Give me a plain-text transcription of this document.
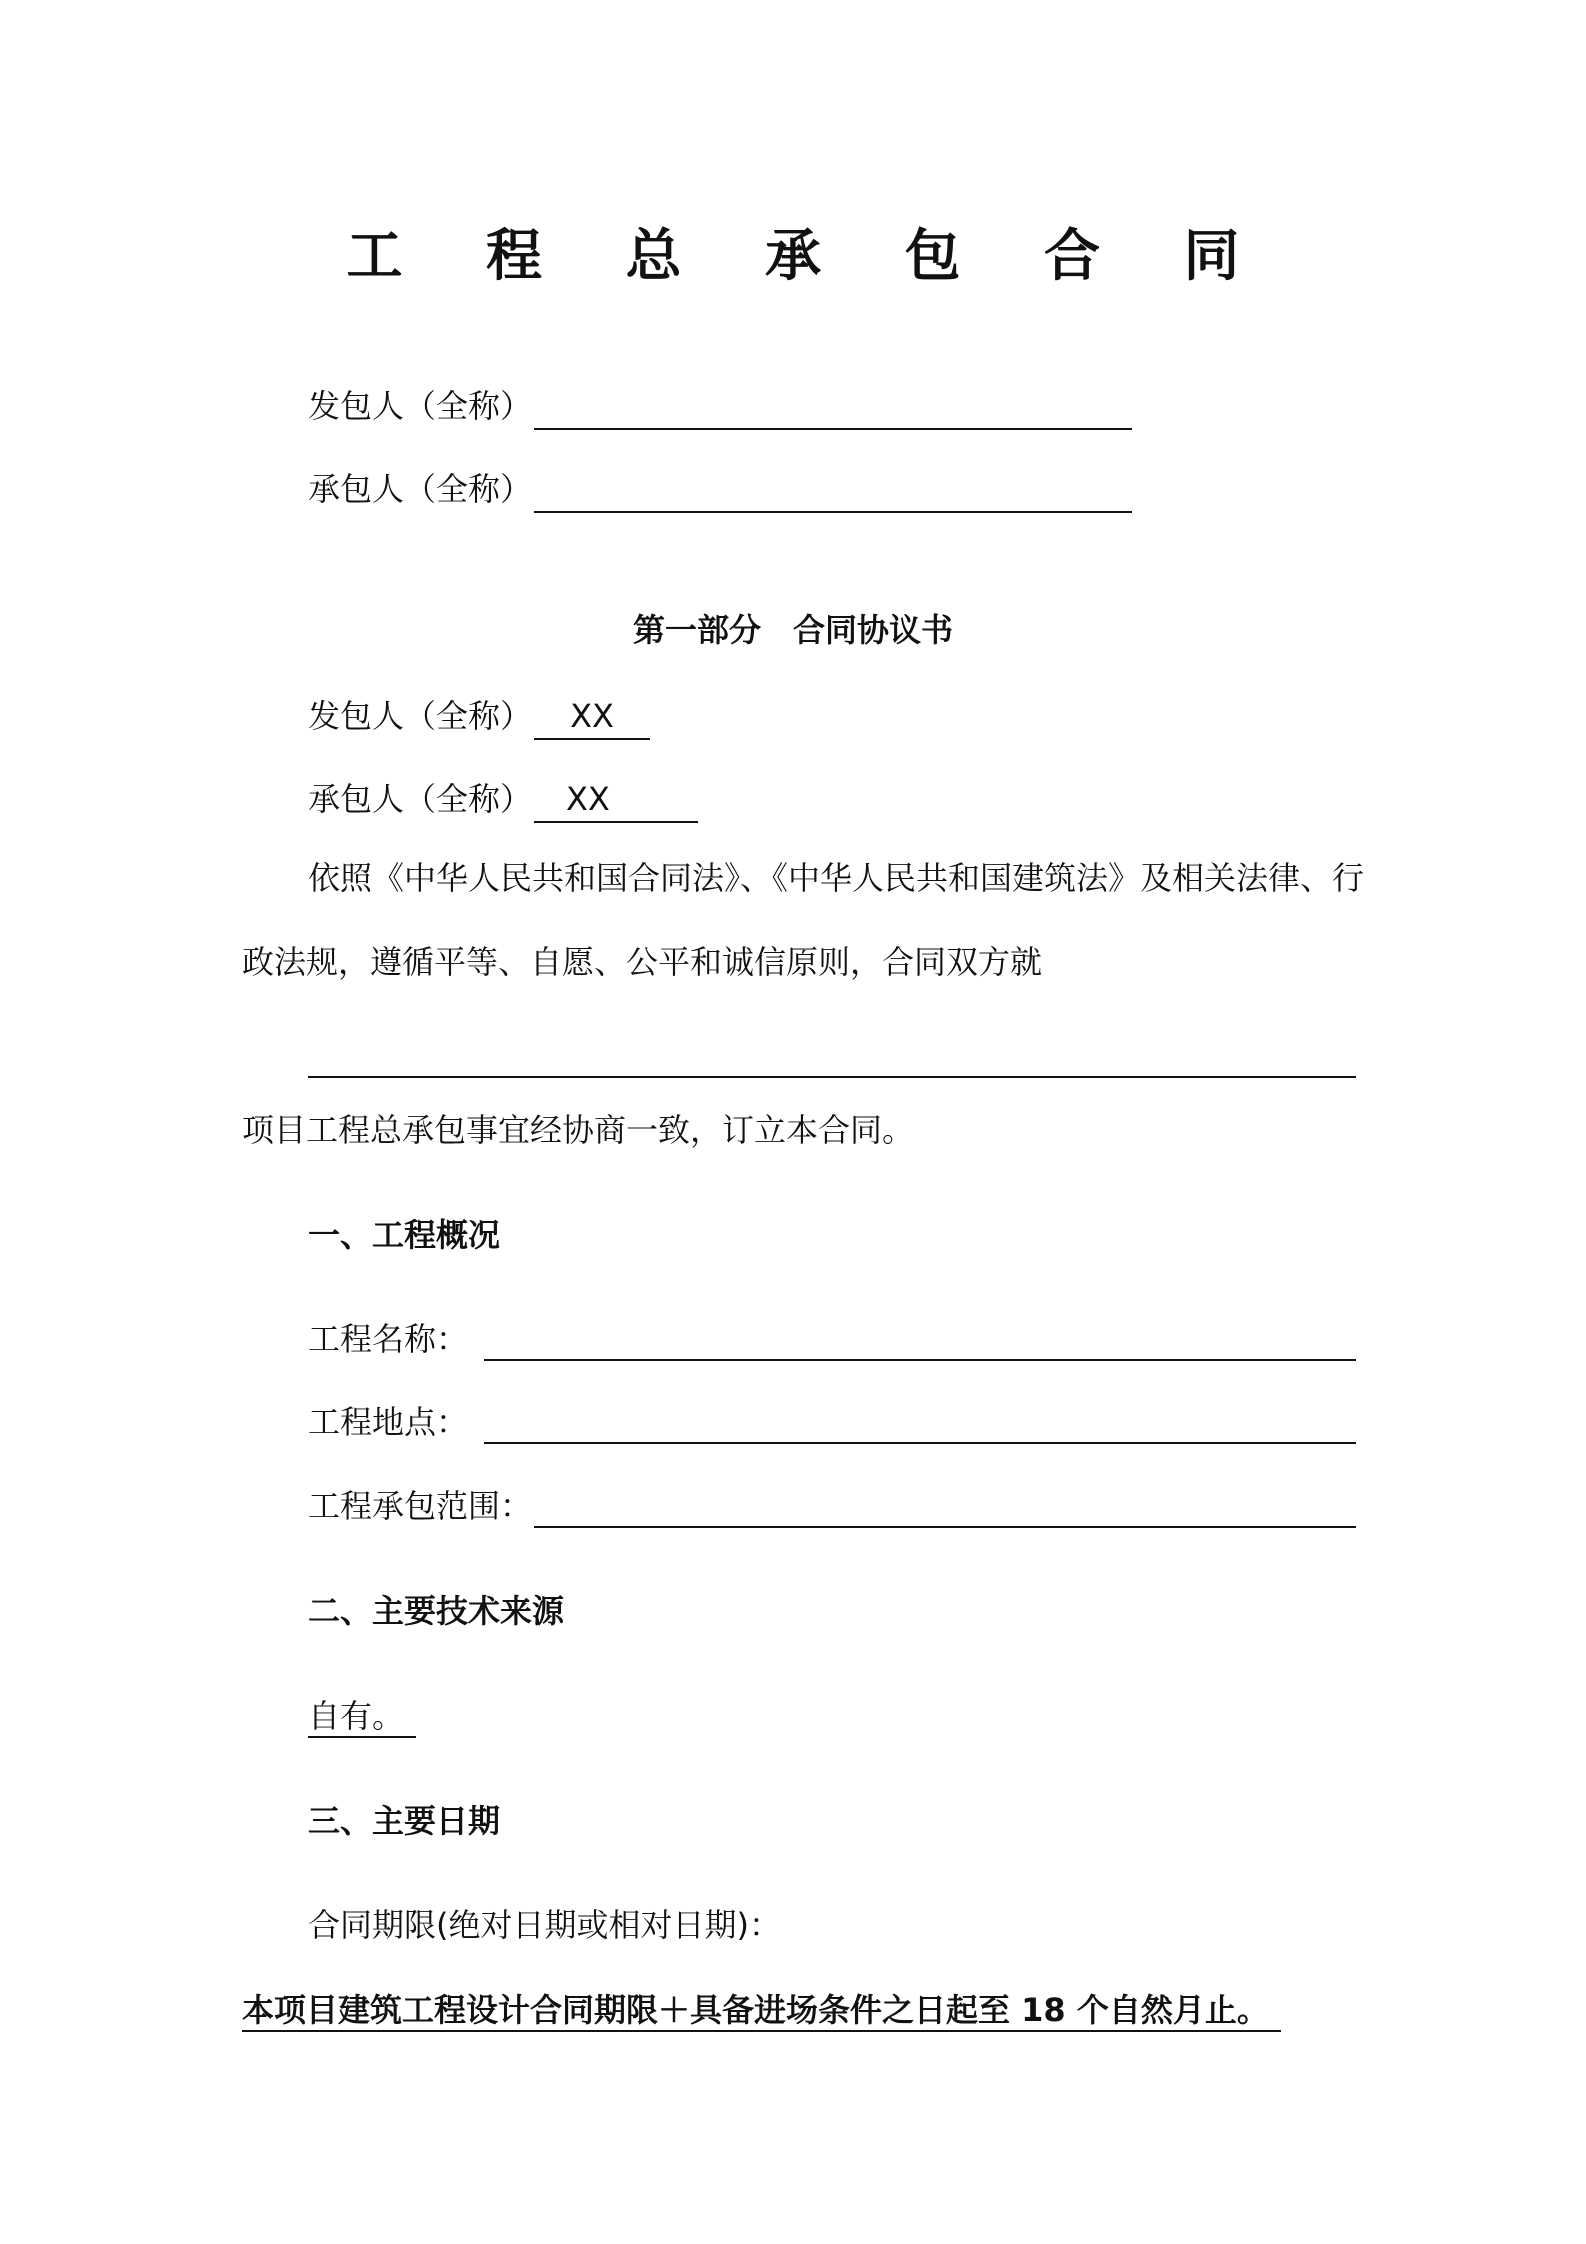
工 程 总 承 包 合 同
发包人（全称）
承包人（全称）
第一部分　合同协议书
发包人（全称）	XX
承包人（全称）	XX
依照《中华人民共和国合同法》、《中华人民共和国建筑法》及相关法律、行
政法规，遵循平等、自愿、公平和诚信原则，合同双方就
项目工程总承包事宜经协商一致，订立本合同。
一、工程概况
工程名称：
工程地点：
工程承包范围：
二、主要技术来源
自有。
三、主要日期
合同期限(绝对日期或相对日期)：
本项目建筑工程设计合同期限＋具备进场条件之日起至 18 个自然月止。
